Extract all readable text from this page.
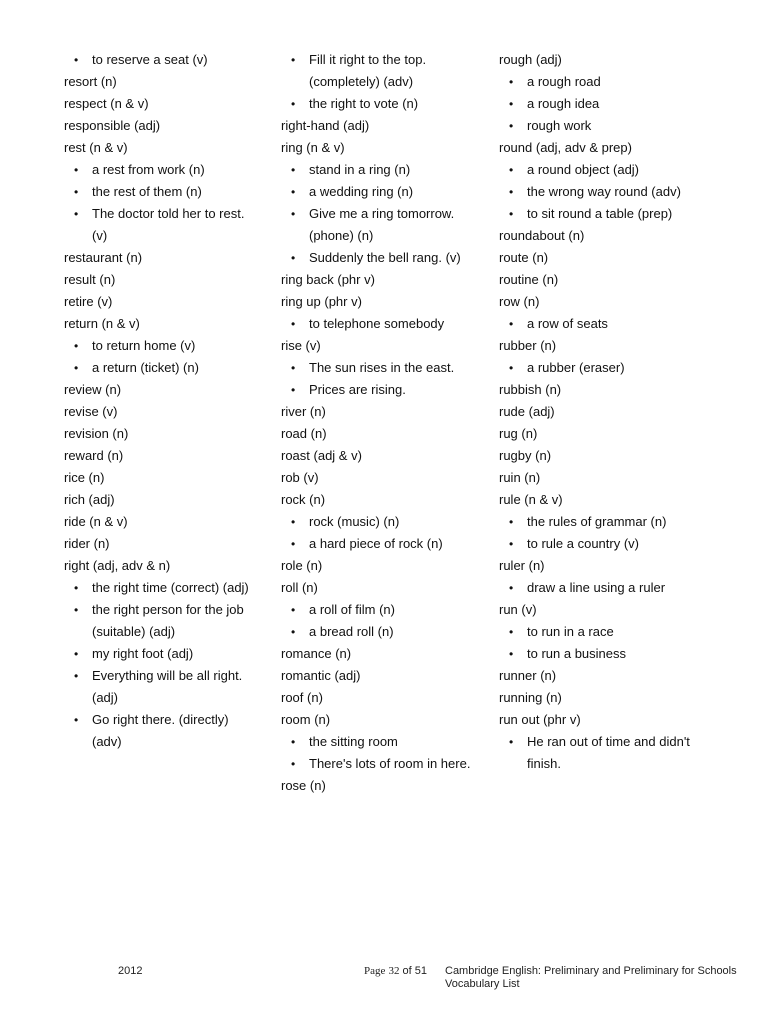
• to reserve a seat (v)
resort (n)
respect (n & v)
responsible (adj)
rest (n & v)
• a rest from work (n)
• the rest of them (n)
• The doctor told her to rest.
(v)
restaurant (n)
result (n)
retire (v)
return (n & v)
• to return home (v)
• a return (ticket) (n)
review (n)
revise (v)
revision (n)
reward (n)
rice (n)
rich (adj)
ride (n & v)
rider (n)
right (adj, adv & n)
• the right time (correct) (adj)
• the right person for the job
(suitable) (adj)
• my right foot (adj)
• Everything will be all right.
(adj)
• Go right there. (directly)
(adv)
• Fill it right to the top.
(completely) (adv)
• the right to vote (n)
right-hand (adj)
ring (n & v)
• stand in a ring (n)
• a wedding ring (n)
• Give me a ring tomorrow.
(phone) (n)
• Suddenly the bell rang. (v)
ring back (phr v)
ring up (phr v)
• to telephone somebody
rise (v)
• The sun rises in the east.
• Prices are rising.
river (n)
road (n)
roast (adj & v)
rob (v)
rock (n)
• rock (music) (n)
• a hard piece of rock (n)
role (n)
roll (n)
• a roll of film (n)
• a bread roll (n)
romance (n)
romantic (adj)
roof (n)
room (n)
• the sitting room
• There's lots of room in here.
rose (n)
rough (adj)
• a rough road
• a rough idea
• rough work
round (adj, adv & prep)
• a round object (adj)
• the wrong way round (adv)
• to sit round a table (prep)
roundabout (n)
route (n)
routine (n)
row (n)
• a row of seats
rubber (n)
• a rubber (eraser)
rubbish (n)
rude (adj)
rug (n)
rugby (n)
ruin (n)
rule (n & v)
• the rules of grammar (n)
• to rule a country (v)
ruler (n)
• draw a line using a ruler
run (v)
• to run in a race
• to run a business
runner (n)
running (n)
run out (phr v)
• He ran out of time and didn't
finish.
2012	Page 32 of 51 Cambridge English: Preliminary and Preliminary for Schools
Vocabulary List
